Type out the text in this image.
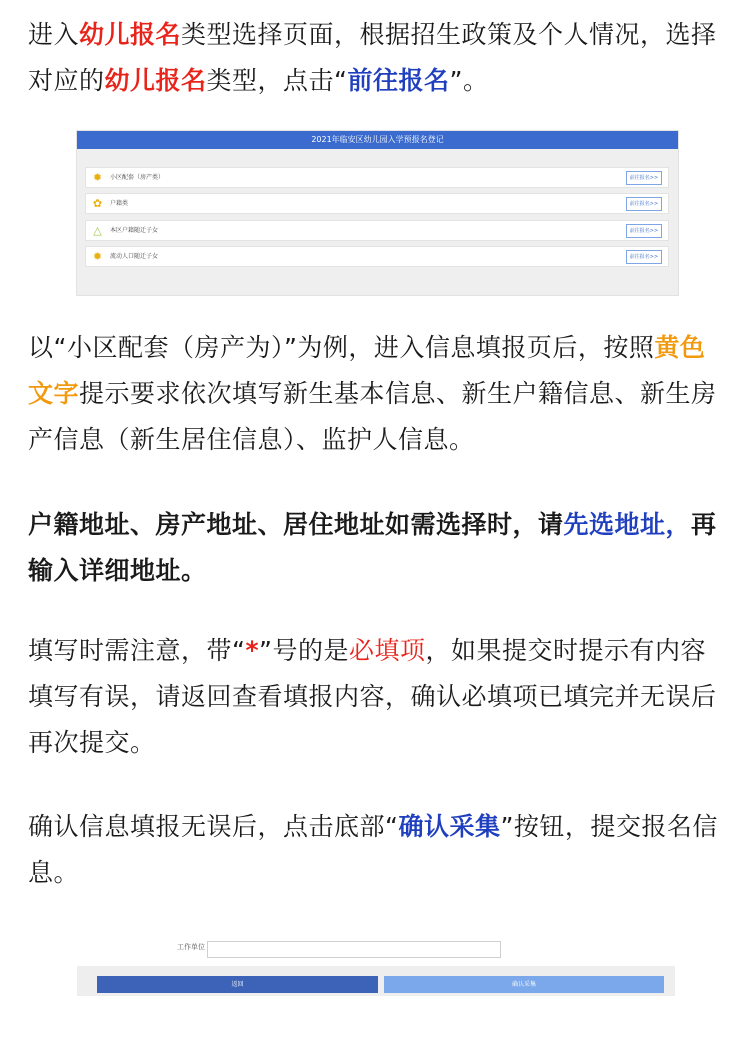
进入幼儿报名类型选择页面，根据招生政策及个人情况，选择对应的幼儿报名类型，点击“前往报名”。

2021年临安区幼儿园入学预报名登记
✹	小区配套（房产类）	前往报名>>
✿	户籍类	前往报名>>
△	本区户籍随迁子女	前往报名>>
✹	流动人口随迁子女	前往报名>>

以“小区配套（房产为）”为例，进入信息填报页后，按照黄色文字提示要求依次填写新生基本信息、新生户籍信息、新生房产信息（新生居住信息）、监护人信息。

户籍地址、房产地址、居住地址如需选择时，请先选地址，再输入详细地址。

填写时需注意，带“*”号的是必填项，如果提交时提示有内容填写有误，请返回查看填报内容，确认必填项已填完并无误后再次提交。

确认信息填报无误后，点击底部“确认采集”按钮，提交报名信息。

工作单位
返回	确认采集
